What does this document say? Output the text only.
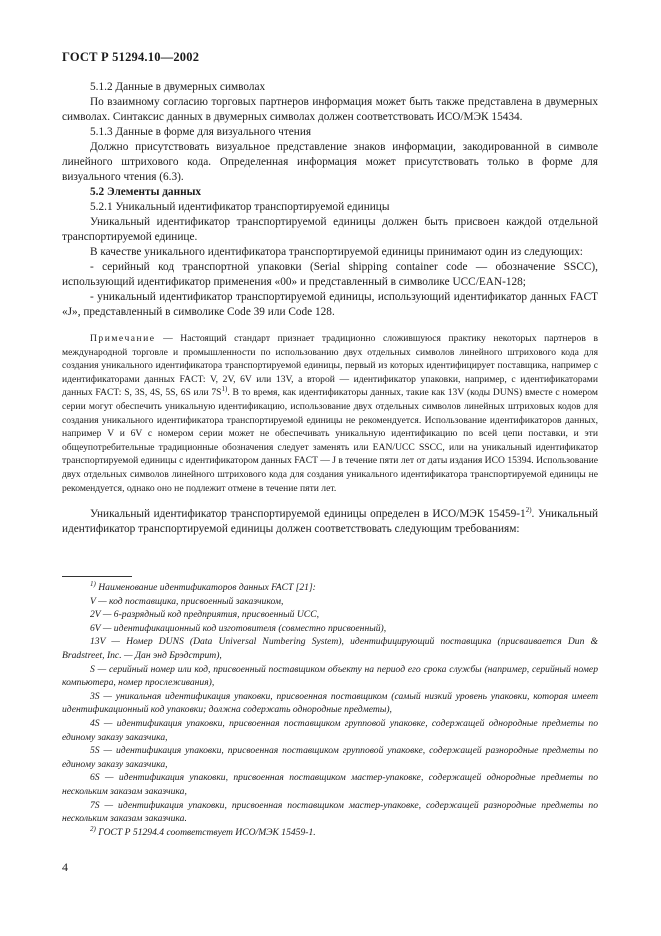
ГОСТ Р 51294.10—2002

5.1.2 Данные в двумерных символах

По взаимному согласию торговых партнеров информация может быть также представлена в двумерных символах. Синтаксис данных в двумерных символах должен соответствовать ИСО/МЭК 15434.

5.1.3 Данные в форме для визуального чтения

Должно присутствовать визуальное представление знаков информации, закодированной в символе линейного штрихового кода. Определенная информация может присутствовать только в форме для визуального чтения (6.3).

5.2 Элементы данных

5.2.1 Уникальный идентификатор транспортируемой единицы

Уникальный идентификатор транспортируемой единицы должен быть присвоен каждой отдельной транспортируемой единице.

В качестве уникального идентификатора транспортируемой единицы принимают один из следующих:

- серийный код транспортной упаковки (Serial shipping container code — обозначение SSCC), использующий идентификатор применения «00» и представленный в символике UCC/EAN-128;

- уникальный идентификатор транспортируемой единицы, использующий идентификатор данных FACT «J», представленный в символике Code 39 или Code 128.

Примечание — Настоящий стандарт признает традиционно сложившуюся практику некоторых партнеров в международной торговле и промышленности по использованию двух отдельных символов линейного штрихового кода для создания уникального идентификатора транспортируемой единицы, первый из которых идентифицирует поставщика, например с идентификаторами данных FACT: V, 2V, 6V или 13V, а второй — идентификатор упаковки, например, с идентификаторами данных FACT: S, 3S, 4S, 5S, 6S или $7S^{1)}$. В то время, как идентификаторы данных, такие как 13V (коды DUNS) вместе с номером серии могут обеспечить уникальную идентификацию, использование двух отдельных символов линейных штриховых кодов для создания уникального идентификатора транспортируемой единицы не рекомендуется. Использование идентификаторов данных, например V и 6V с номером серии может не обеспечивать уникальную идентификацию по всей цепи поставки, и эти общеупотребительные традиционные обозначения следует заменять или EAN/UCC SSCC, или на уникальный идентификатор транспортируемой единицы с идентификатором данных FACT — J в течение пяти лет от даты издания ИСО 15394. Использование двух отдельных символов линейного штрихового кода для создания уникального идентификатора транспортируемой единицы не рекомендуется, однако оно не подлежит отмене в течение пяти лет.

Уникальный идентификатор транспортируемой единицы определен в ИСО/МЭК 15459-1$^{2)}$. Уникальный идентификатор транспортируемой единицы должен соответствовать следующим требованиям:

$^{1)}$ Наименование идентификаторов данных FACT [21]:

V — код поставщика, присвоенный заказчиком,

2V — 6-разрядный код предприятия, присвоенный UCC,

6V — идентификационный код изготовителя (совместно присвоенный),

13V — Номер DUNS (Data Universal Numbering System), идентифицирующий поставщика (присваивается Dun & Bradstreet, Inc. — Дан энд Брэдстрит),

S — серийный номер или код, присвоенный поставщиком объекту на период его срока службы (например, серийный номер компьютера, номер прослеживания),

3S — уникальная идентификация упаковки, присвоенная поставщиком (самый низкий уровень упаковки, которая имеет идентификационный код упаковки; должна содержать однородные предметы),

4S — идентификация упаковки, присвоенная поставщиком групповой упаковке, содержащей однородные предметы по единому заказу заказчика,

5S — идентификация упаковки, присвоенная поставщиком групповой упаковке, содержащей разнородные предметы по единому заказу заказчика,

6S — идентификация упаковки, присвоенная поставщиком мастер-упаковке, содержащей однородные предметы по нескольким заказам заказчика,

7S — идентификация упаковки, присвоенная поставщиком мастер-упаковке, содержащей разнородные предметы по нескольким заказам заказчика.

$^{2)}$ ГОСТ Р 51294.4 соответствует ИСО/МЭК 15459-1.

4
